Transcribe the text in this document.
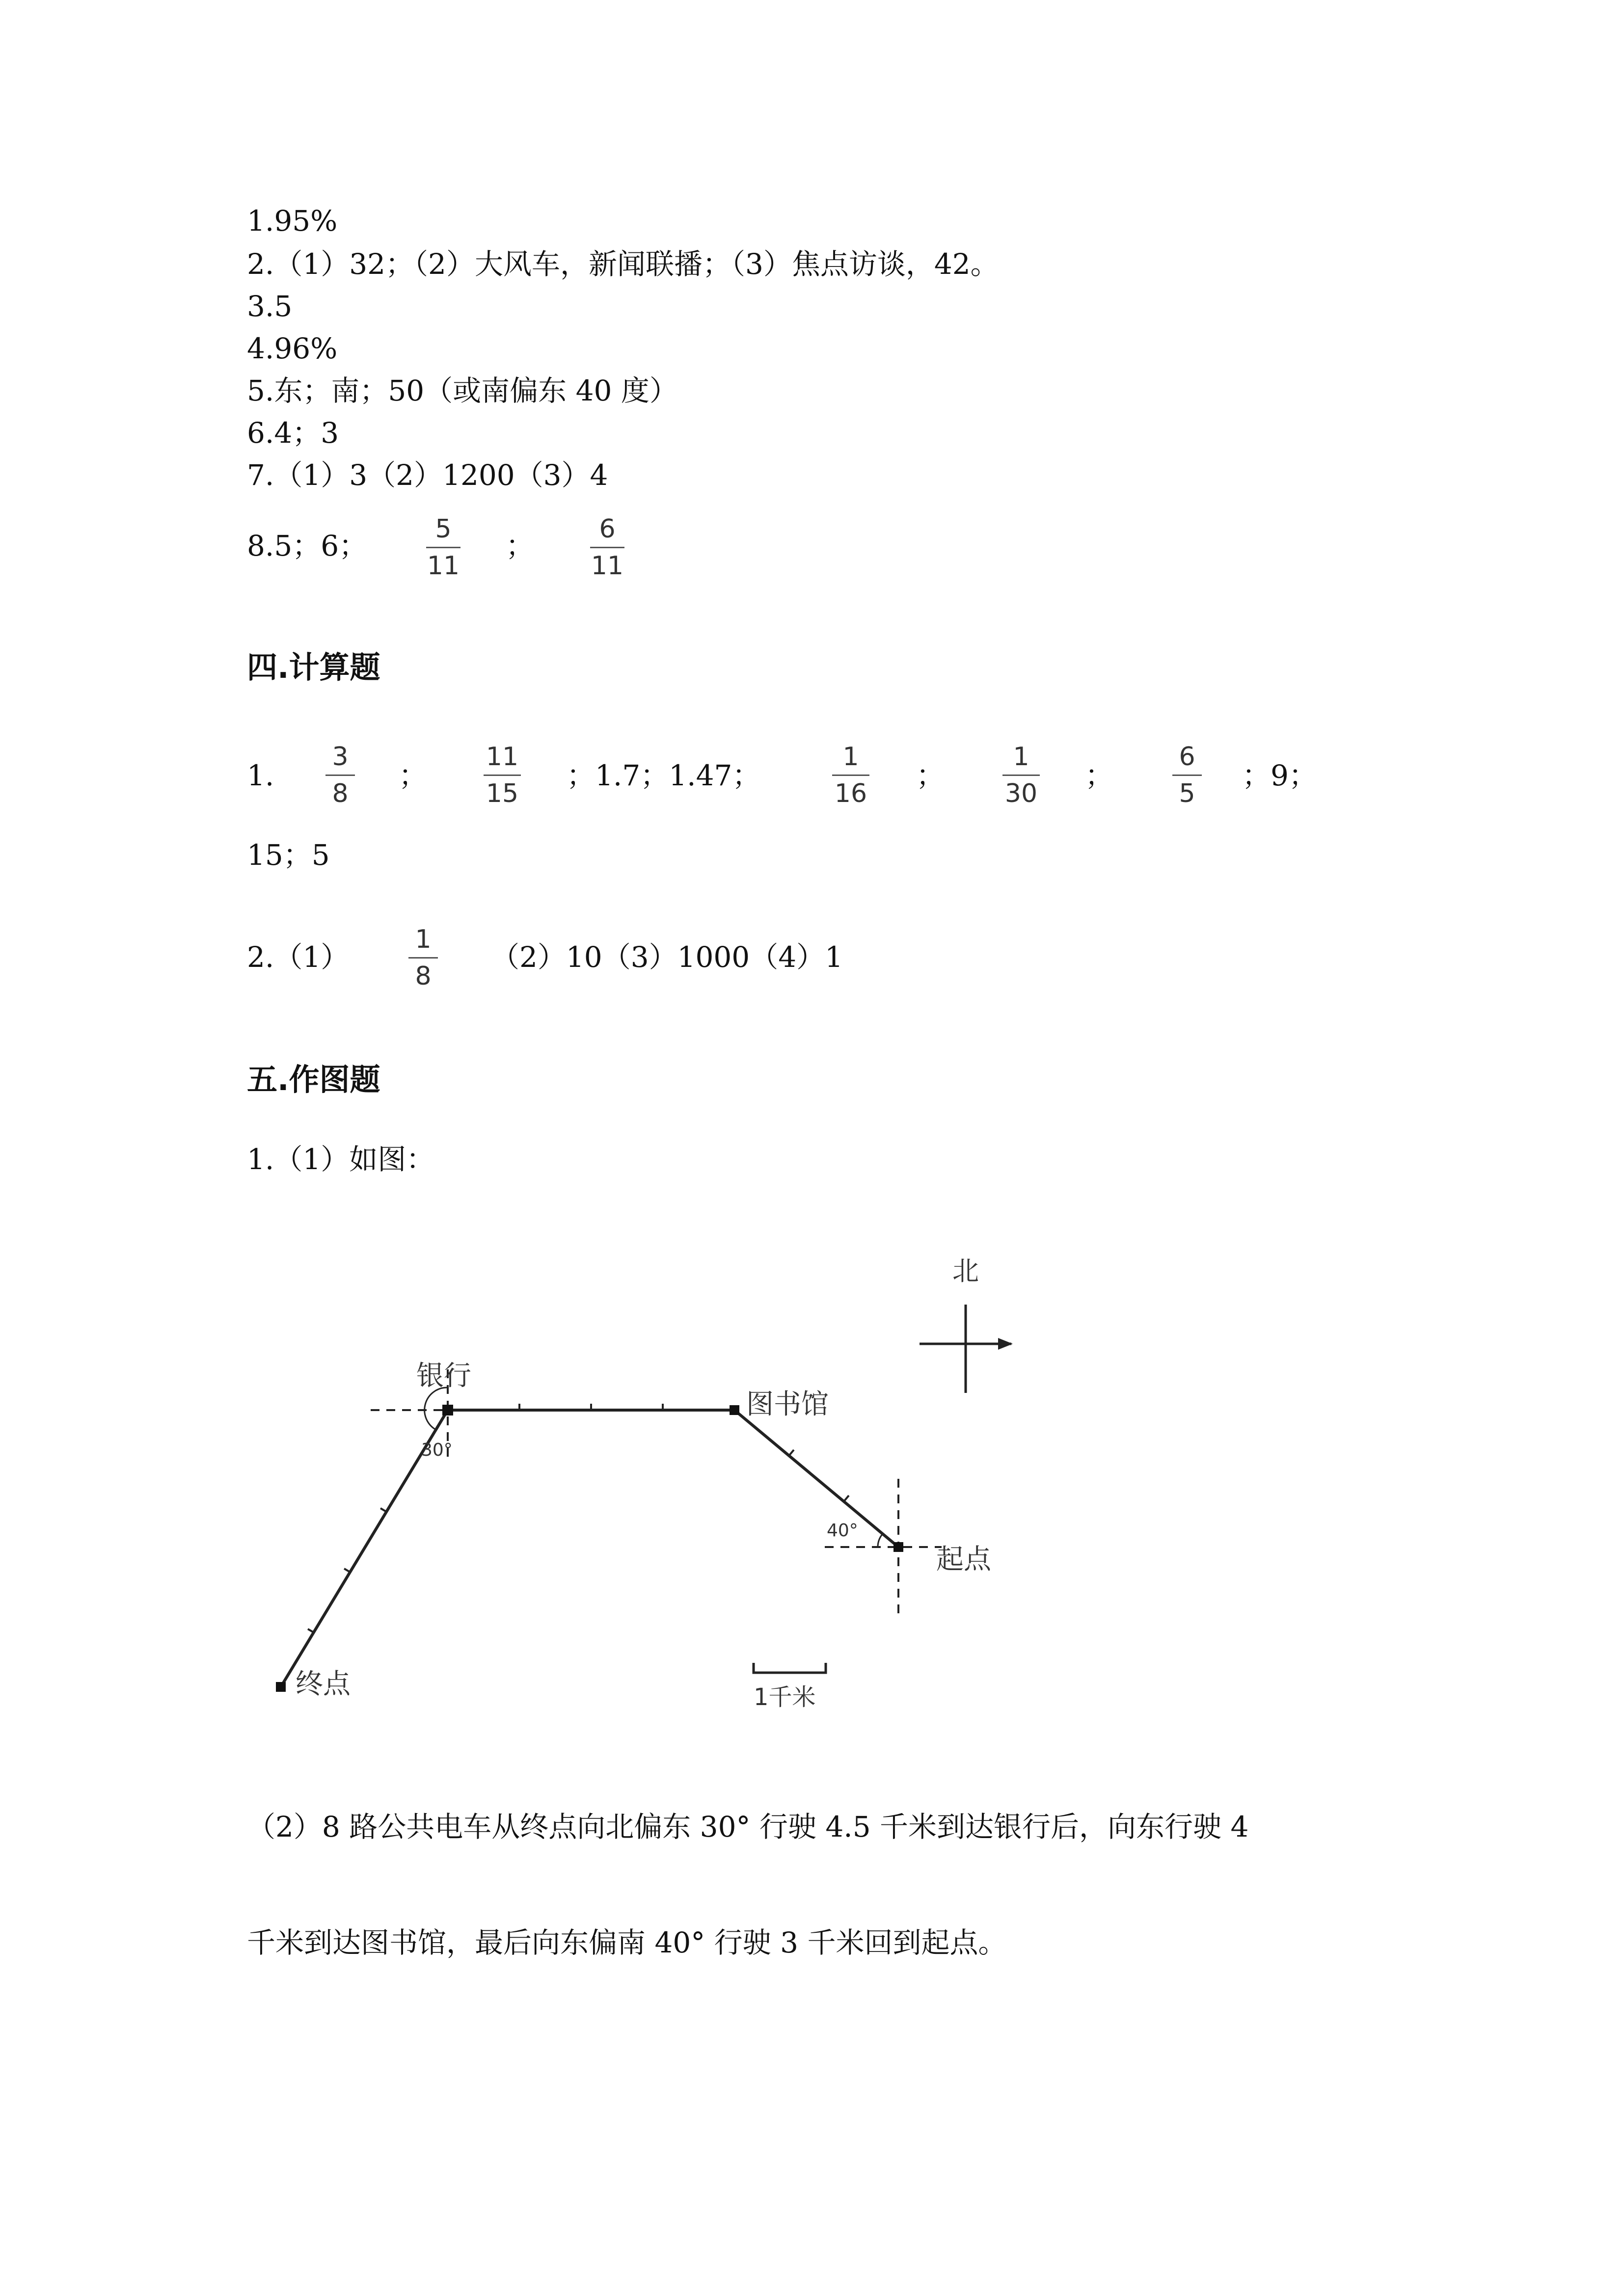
1.95%
2.（1）32；（2）大风车，新闻联播；（3）焦点访谈，42。
3.5
4.96%
5.东；南；50（或南偏东 40 度）
6.4；3
7.（1）3（2）1200（3）4
8.5；6；	5
11
；	6
11
四.计算题
1.
3
8
；
11
15
；1.7；1.47；
1
16
；
1
30
；
6
5
；9；
15；5
2.（1）
1
8
（2）10（3）1000（4）1
五.作图题
1.（1）如图：
北
银行
图书馆
起点
终点
30°
40°
1千米
（2）8 路公共电车从终点向北偏东 30° 行驶 4.5 千米到达银行后，向东行驶 4
千米到达图书馆，最后向东偏南 40° 行驶 3 千米回到起点。
